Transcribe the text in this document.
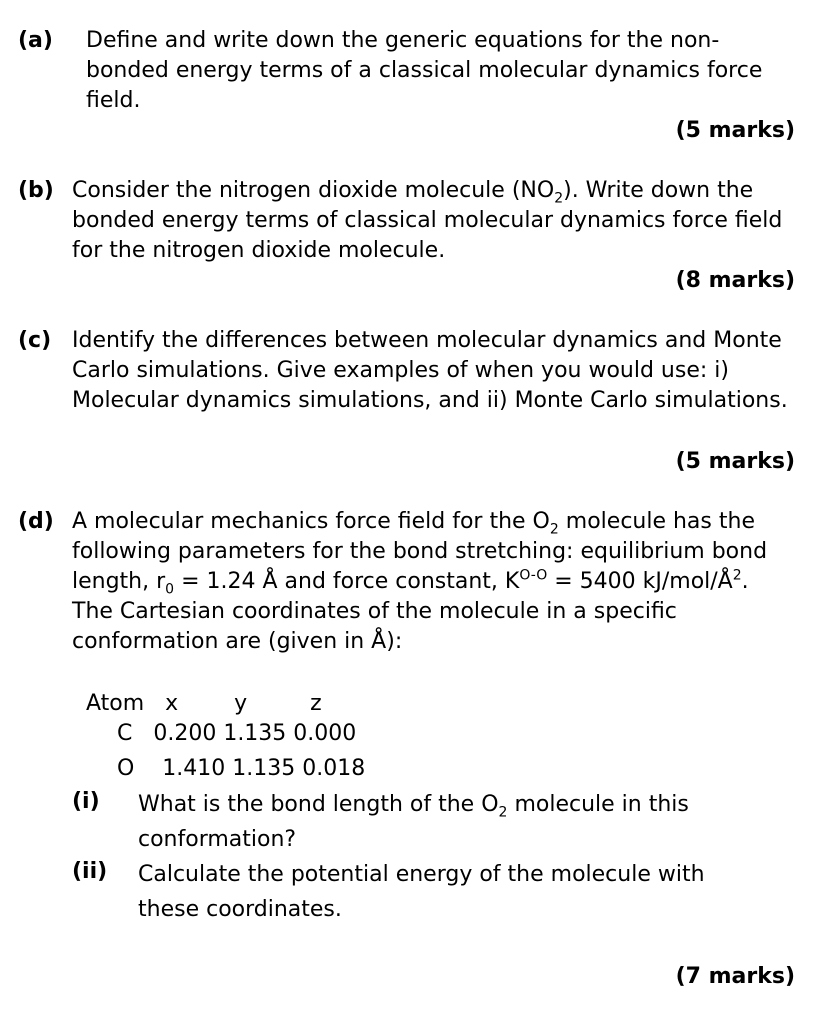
(a) Define and write down the generic equations for the non-bonded energy terms of a classical molecular dynamics force field.
(5 marks)
(b) Consider the nitrogen dioxide molecule $(NO_2)$. Write down the bonded energy terms of classical molecular dynamics force field for the nitrogen dioxide molecule.
(8 marks)
(c) Identify the differences between molecular dynamics and Monte Carlo simulations. Give examples of when you would use: i) Molecular dynamics simulations, and ii) Monte Carlo simulations.
(5 marks)
(d) A molecular mechanics force field for the $O_2$ molecule has the following parameters for the bond stretching: equilibrium bond length, $r_0 = 1.24$ Å and force constant, $K^{O-O} = 5400$ $kJ/mol/Å^2$.
The Cartesian coordinates of the molecule in a specific conformation are (given in Å):
Atom   x        y         z
C   0.200 1.135 0.000
O    1.410 1.135 0.018
(i) What is the bond length of the $O_2$ molecule in this conformation?
(ii) Calculate the potential energy of the molecule with these coordinates.
(7 marks)
